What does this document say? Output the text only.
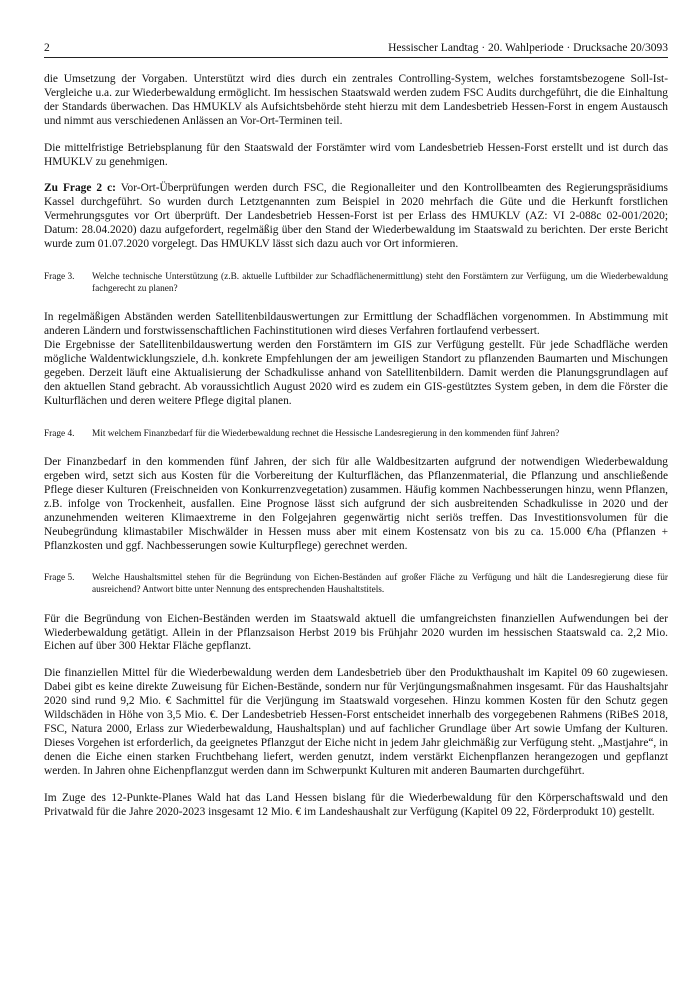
2	Hessischer Landtag · 20. Wahlperiode · Drucksache 20/3093

die Umsetzung der Vorgaben. Unterstützt wird dies durch ein zentrales Controlling-System, welches forstamtsbezogene Soll-Ist-Vergleiche u.a. zur Wiederbewaldung ermöglicht. Im hessischen Staatswald werden zudem FSC Audits durchgeführt, die die Einhaltung der Standards überwachen. Das HMUKLV als Aufsichtsbehörde steht hierzu mit dem Landesbetrieb Hessen-Forst in engem Austausch und nimmt aus verschiedenen Anlässen an Vor-Ort-Terminen teil.

Die mittelfristige Betriebsplanung für den Staatswald der Forstämter wird vom Landesbetrieb Hessen-Forst erstellt und ist durch das HMUKLV zu genehmigen.

Zu Frage 2 c: Vor-Ort-Überprüfungen werden durch FSC, die Regionalleiter und den Kontrollbeamten des Regierungspräsidiums Kassel durchgeführt. So wurden durch Letztgenannten zum Beispiel in 2020 mehrfach die Güte und die Herkunft forstlichen Vermehrungsgutes vor Ort überprüft. Der Landesbetrieb Hessen-Forst ist per Erlass des HMUKLV (AZ: VI 2-088c 02-001/2020; Datum: 28.04.2020) dazu aufgefordert, regelmäßig über den Stand der Wiederbewaldung im Staatswald zu berichten. Der erste Bericht wurde zum 01.07.2020 vorgelegt. Das HMUKLV lässt sich dazu auch vor Ort informieren.

Frage 3.	Welche technische Unterstützung (z.B. aktuelle Luftbilder zur Schadflächenermittlung) steht den Forstämtern zur Verfügung, um die Wiederbewaldung fachgerecht zu planen?

In regelmäßigen Abständen werden Satellitenbildauswertungen zur Ermittlung der Schadflächen vorgenommen. In Abstimmung mit anderen Ländern und forstwissenschaftlichen Fachinstitutionen wird dieses Verfahren fortlaufend verbessert.

Die Ergebnisse der Satellitenbildauswertung werden den Forstämtern im GIS zur Verfügung gestellt. Für jede Schadfläche werden mögliche Waldentwicklungsziele, d.h. konkrete Empfehlungen der am jeweiligen Standort zu pflanzenden Baumarten und Mischungen gegeben. Derzeit läuft eine Aktualisierung der Schadkulisse anhand von Satellitenbildern. Damit werden die Planungsgrundlagen auf den aktuellen Stand gebracht. Ab voraussichtlich August 2020 wird es zudem ein GIS-gestütztes System geben, in dem die Förster die Kulturflächen und deren weitere Pflege digital planen.

Frage 4.	Mit welchem Finanzbedarf für die Wiederbewaldung rechnet die Hessische Landesregierung in den kommenden fünf Jahren?

Der Finanzbedarf in den kommenden fünf Jahren, der sich für alle Waldbesitzarten aufgrund der notwendigen Wiederbewaldung ergeben wird, setzt sich aus Kosten für die Vorbereitung der Kulturflächen, das Pflanzenmaterial, die Pflanzung und anschließende Pflege dieser Kulturen (Freischneiden von Konkurrenzvegetation) zusammen. Häufig kommen Nachbesserungen hinzu, wenn Pflanzen, z.B. infolge von Trockenheit, ausfallen. Eine Prognose lässt sich aufgrund der sich ausbreitenden Schadkulisse in 2020 und der anzunehmenden weiteren Klimaextreme in den Folgejahren gegenwärtig nicht seriös treffen. Das Investitionsvolumen für die Neubegründung klimastabiler Mischwälder in Hessen muss aber mit einem Kostensatz von bis zu ca. 15.000 €/ha (Pflanzen + Pflanzkosten und ggf. Nachbesserungen sowie Kulturpflege) gerechnet werden.

Frage 5.	Welche Haushaltsmittel stehen für die Begründung von Eichen-Beständen auf großer Fläche zu Verfügung und hält die Landesregierung diese für ausreichend? Antwort bitte unter Nennung des entsprechenden Haushaltstitels.

Für die Begründung von Eichen-Beständen werden im Staatswald aktuell die umfangreichsten finanziellen Aufwendungen bei der Wiederbewaldung getätigt. Allein in der Pflanzsaison Herbst 2019 bis Frühjahr 2020 wurden im hessischen Staatswald ca. 2,2 Mio. Eichen auf über 300 Hektar Fläche gepflanzt.

Die finanziellen Mittel für die Wiederbewaldung werden dem Landesbetrieb über den Produkthaushalt im Kapitel 09 60 zugewiesen. Dabei gibt es keine direkte Zuweisung für Eichen-Bestände, sondern nur für Verjüngungsmaßnahmen insgesamt. Für das Haushaltsjahr 2020 sind rund 9,2 Mio. € Sachmittel für die Verjüngung im Staatswald vorgesehen. Hinzu kommen Kosten für den Schutz gegen Wildschäden in Höhe von 3,5 Mio. €. Der Landesbetrieb Hessen-Forst entscheidet innerhalb des vorgegebenen Rahmens (RiBeS 2018, FSC, Natura 2000, Erlass zur Wiederbewaldung, Haushaltsplan) und auf fachlicher Grundlage über Art sowie Umfang der Kulturen. Dieses Vorgehen ist erforderlich, da geeignetes Pflanzgut der Eiche nicht in jedem Jahr gleichmäßig zur Verfügung steht. „Mastjahre“, in denen die Eiche einen starken Fruchtbehang liefert, werden genutzt, indem verstärkt Eichenpflanzen herangezogen und gepflanzt werden. In Jahren ohne Eichenpflanzgut werden dann im Schwerpunkt Kulturen mit anderen Baumarten durchgeführt.

Im Zuge des 12-Punkte-Planes Wald hat das Land Hessen bislang für die Wiederbewaldung für den Körperschaftswald und den Privatwald für die Jahre 2020-2023 insgesamt 12 Mio. € im Landeshaushalt zur Verfügung (Kapitel 09 22, Förderprodukt 10) gestellt.
